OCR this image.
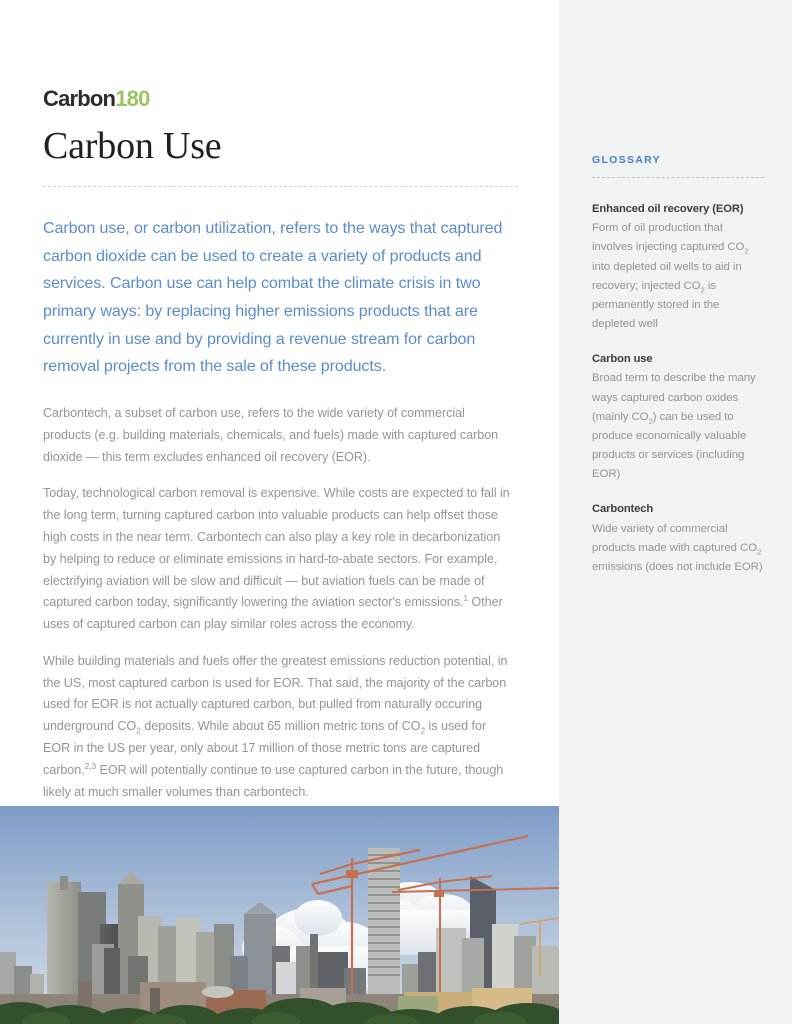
Carbon 180
Carbon Use

Carbon use, or carbon utilization, refers to the ways that captured carbon dioxide can be used to create a variety of products and services. Carbon use can help combat the climate crisis in two primary ways: by replacing higher emissions products that are currently in use and by providing a revenue stream for carbon removal projects from the sale of these products.

Carbontech, a subset of carbon use, refers to the wide variety of commercial products (e.g. building materials, chemicals, and fuels) made with captured carbon dioxide — this term excludes enhanced oil recovery (EOR).

Today, technological carbon removal is expensive. While costs are expected to fall in the long term, turning captured carbon into valuable products can help offset those high costs in the near term. Carbontech can also play a key role in decarbonization by helping to reduce or eliminate emissions in hard-to-abate sectors. For example, electrifying aviation will be slow and difficult — but aviation fuels can be made of captured carbon today, significantly lowering the aviation sector's emissions.$^1$ Other uses of captured carbon can play similar roles across the economy.

While building materials and fuels offer the greatest emissions reduction potential, in the US, most captured carbon is used for EOR. That said, the majority of the carbon used for EOR is not actually captured carbon, but pulled from naturally occuring underground $CO_2$ deposits. While about 65 million metric tons of $CO_2$ is used for EOR in the US per year, only about 17 million of those metric tons are captured carbon.$^{2,3}$ EOR will potentially continue to use captured carbon in the future, though likely at much smaller volumes than carbontech.

GLOSSARY
Enhanced oil recovery (EOR)

Form of oil production that involves injecting captured $CO_2$ into depleted oil wells to aid in recovery; injected $CO_2$ is permanently stored in the depleted well

Carbon use

Broad term to describe the many ways captured carbon oxides (mainly $CO_2$) can be used to produce economically valuable products or services (including EOR)

Carbontech

Wide variety of commercial products made with captured $CO_2$ emissions (does not include EOR)
